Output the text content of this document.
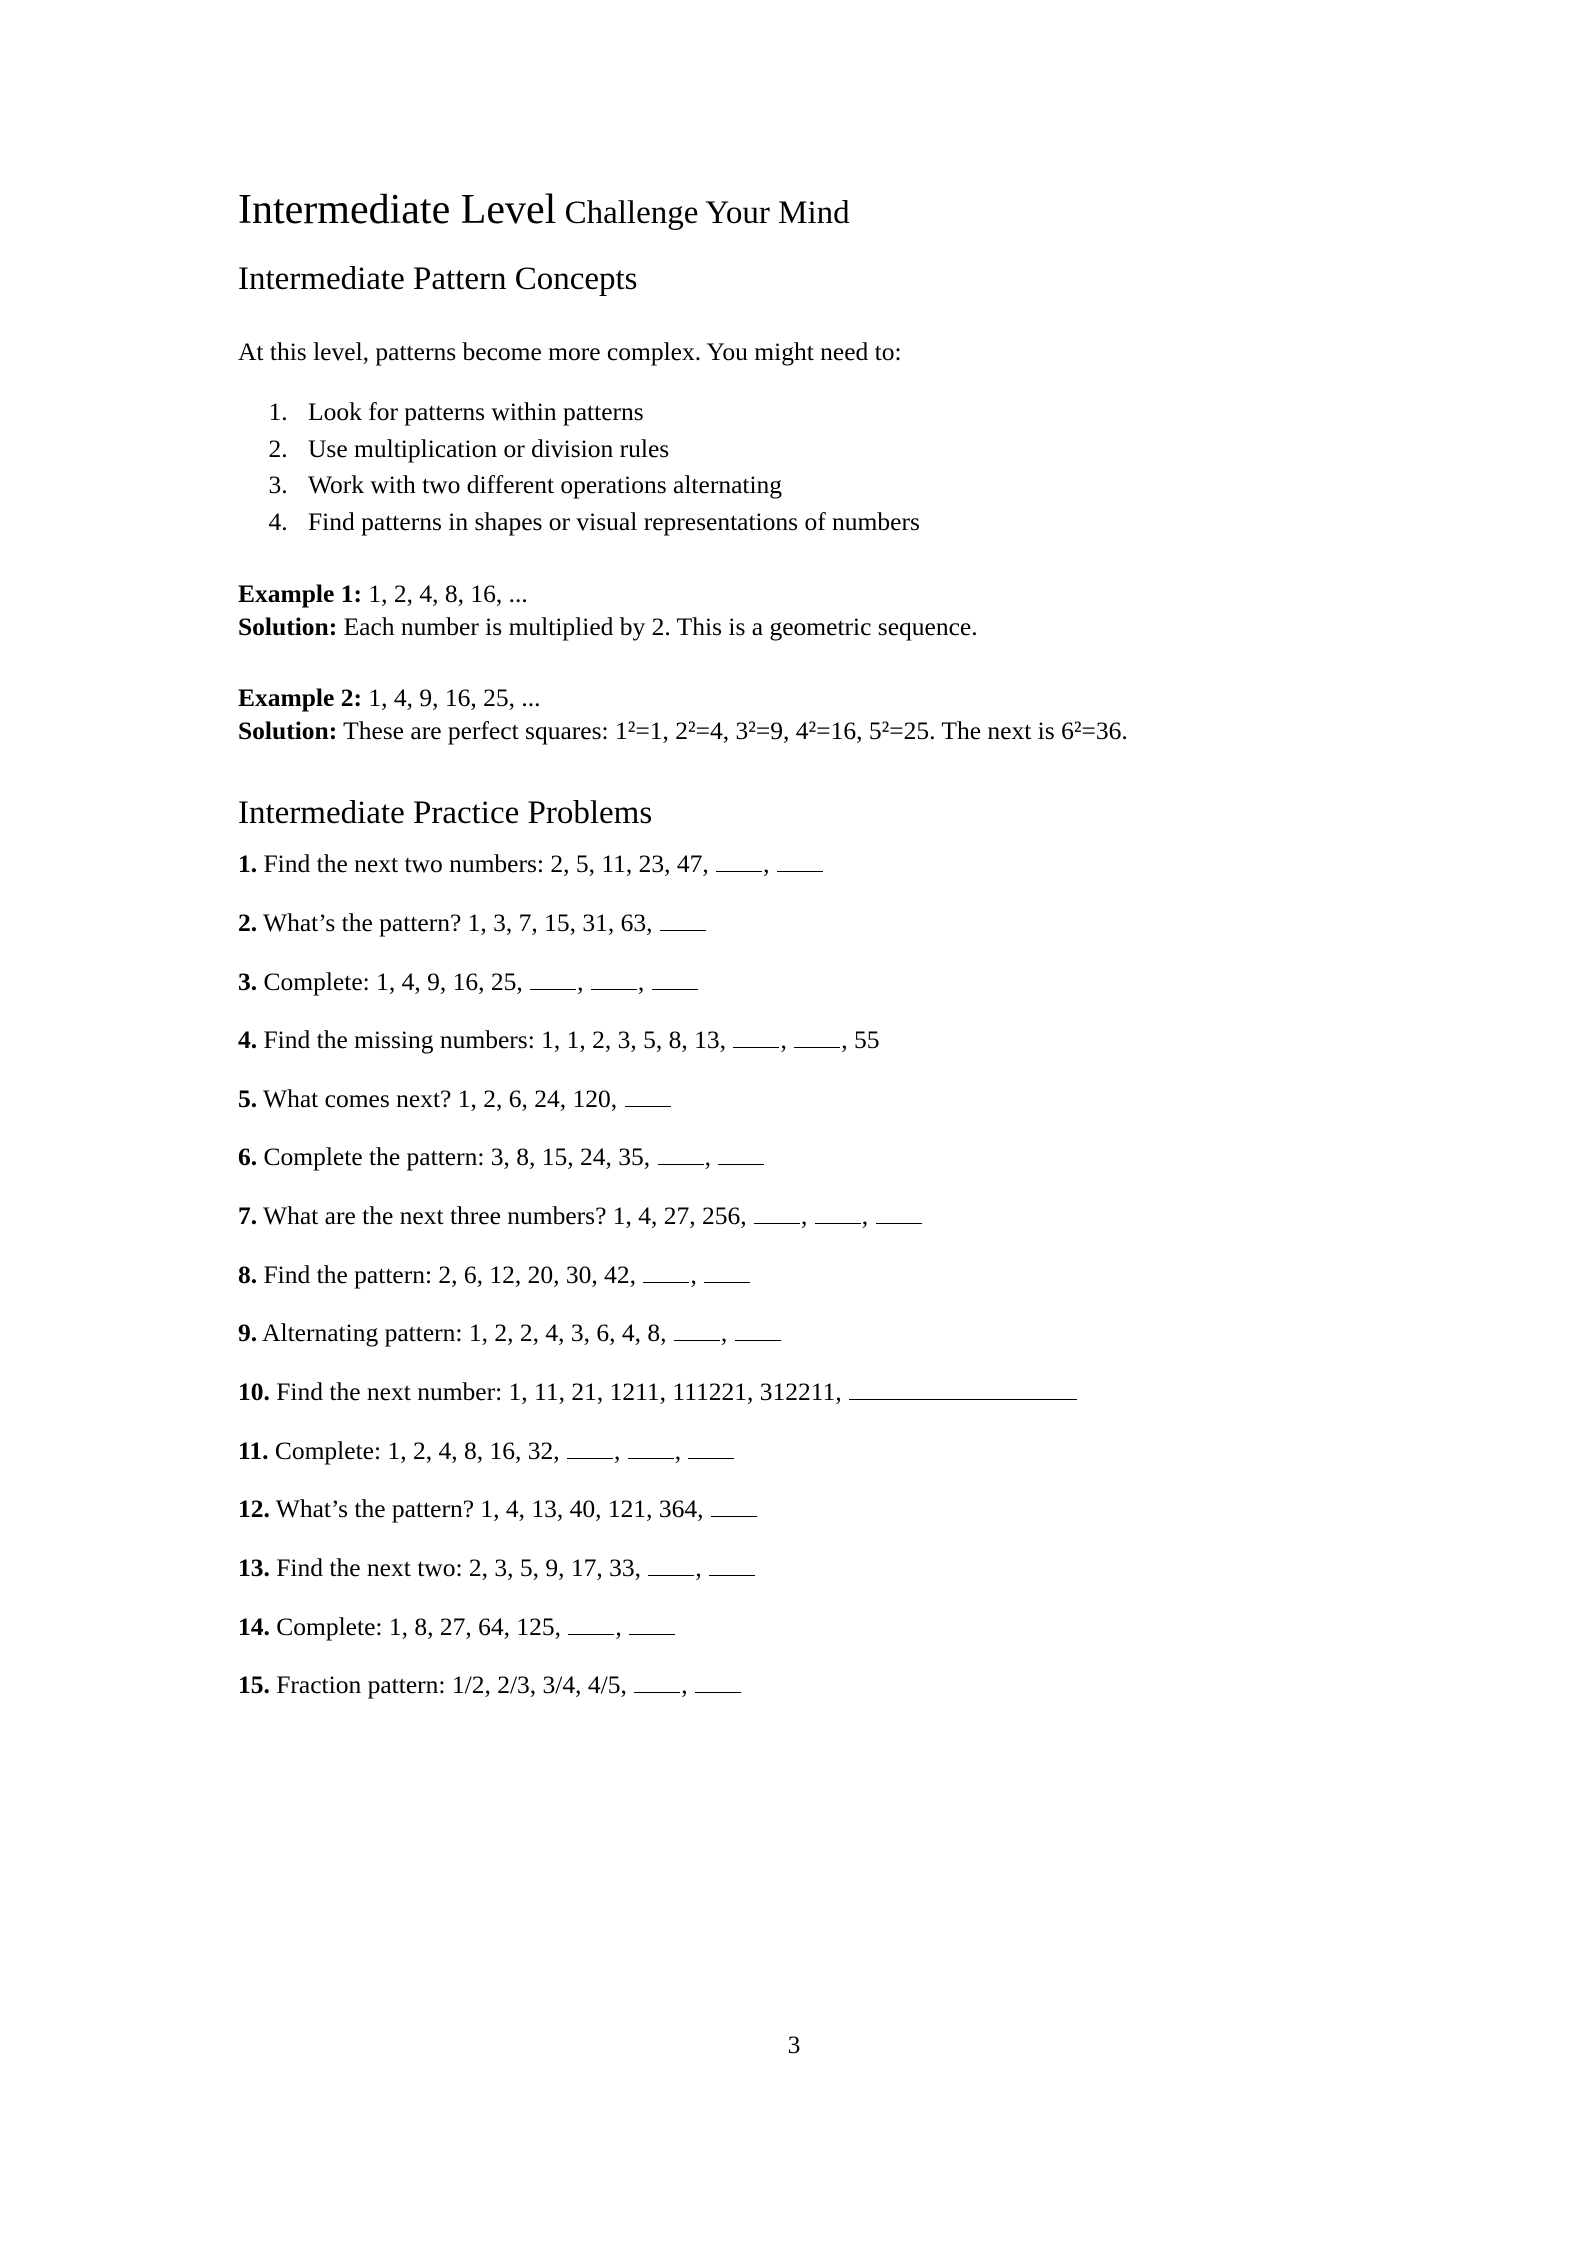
Intermediate Level Challenge Your Mind
Intermediate Pattern Concepts

At this level, patterns become more complex. You might need to:

1. Look for patterns within patterns
2. Use multiplication or division rules
3. Work with two different operations alternating
4. Find patterns in shapes or visual representations of numbers

Example 1: 1, 2, 4, 8, 16, ...

Solution: Each number is multiplied by 2. This is a geometric sequence.

Example 2: 1, 4, 9, 16, 25, ...

Solution: These are perfect squares: 1²=1, 2²=4, 3²=9, 4²=16, 5²=25. The next is 6²=36.

Intermediate Practice Problems

1. Find the next two numbers: 2, 5, 11, 23, 47, ,

2. What’s the pattern? 1, 3, 7, 15, 31, 63,

3. Complete: 1, 4, 9, 16, 25, , ,

4. Find the missing numbers: 1, 1, 2, 3, 5, 8, 13, , , 55

5. What comes next? 1, 2, 6, 24, 120,

6. Complete the pattern: 3, 8, 15, 24, 35, ,

7. What are the next three numbers? 1, 4, 27, 256, , ,

8. Find the pattern: 2, 6, 12, 20, 30, 42, ,

9. Alternating pattern: 1, 2, 2, 4, 3, 6, 4, 8, ,

10. Find the next number: 1, 11, 21, 1211, 111221, 312211,

11. Complete: 1, 2, 4, 8, 16, 32, , ,

12. What’s the pattern? 1, 4, 13, 40, 121, 364,

13. Find the next two: 2, 3, 5, 9, 17, 33, ,

14. Complete: 1, 8, 27, 64, 125, ,

15. Fraction pattern: 1/2, 2/3, 3/4, 4/5, ,

3
